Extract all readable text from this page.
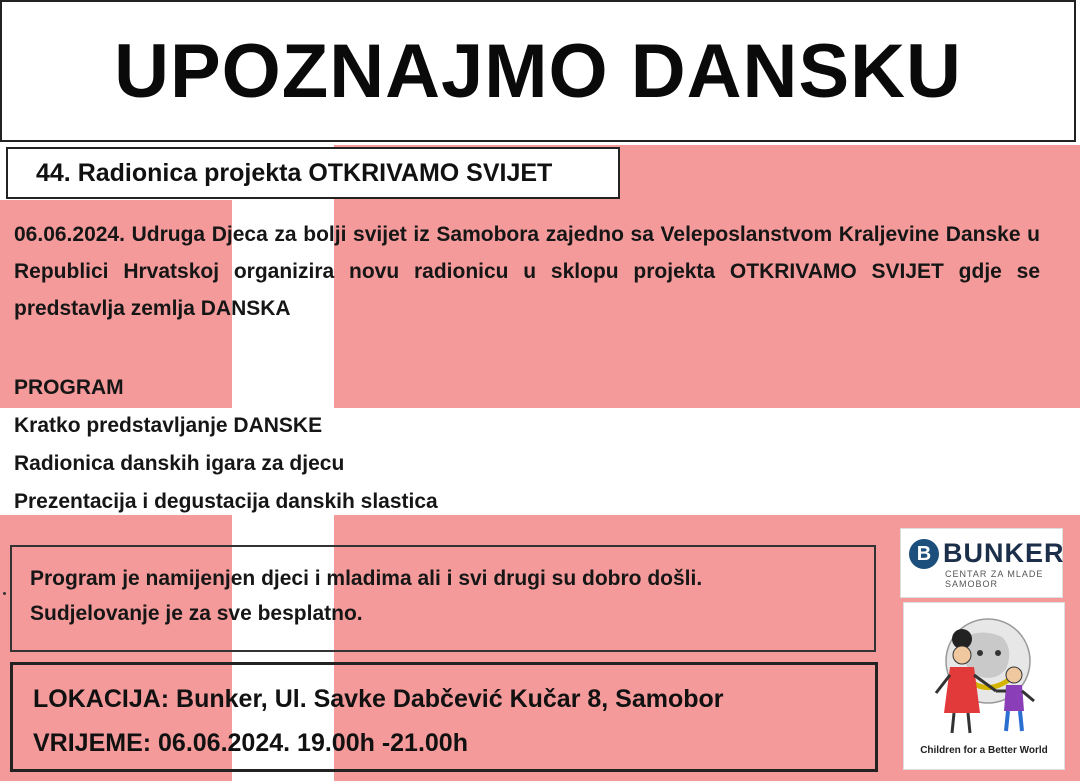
UPOZNAJMO DANSKU
44. Radionica projekta OTKRIVAMO SVIJET
06.06.2024. Udruga Djeca za bolji svijet iz Samobora zajedno sa Veleposlanstvom Kraljevine Danske u Republici Hrvatskoj organizira novu radionicu u sklopu projekta OTKRIVAMO SVIJET gdje se predstavlja zemlja DANSKA
PROGRAM
Kratko predstavljanje DANSKE
Radionica danskih igara za djecu
Prezentacija i degustacija danskih slastica
Program je namijenjen djeci i mladima ali i svi drugi su dobro došli.
Sudjelovanje je za sve besplatno.
LOKACIJA: Bunker, Ul. Savke Dabčević Kučar 8, Samobor
VRIJEME: 06.06.2024. 19.00h -21.00h
B BUNKER
CENTAR ZA MLADE SAMOBOR
Children for a Better World
